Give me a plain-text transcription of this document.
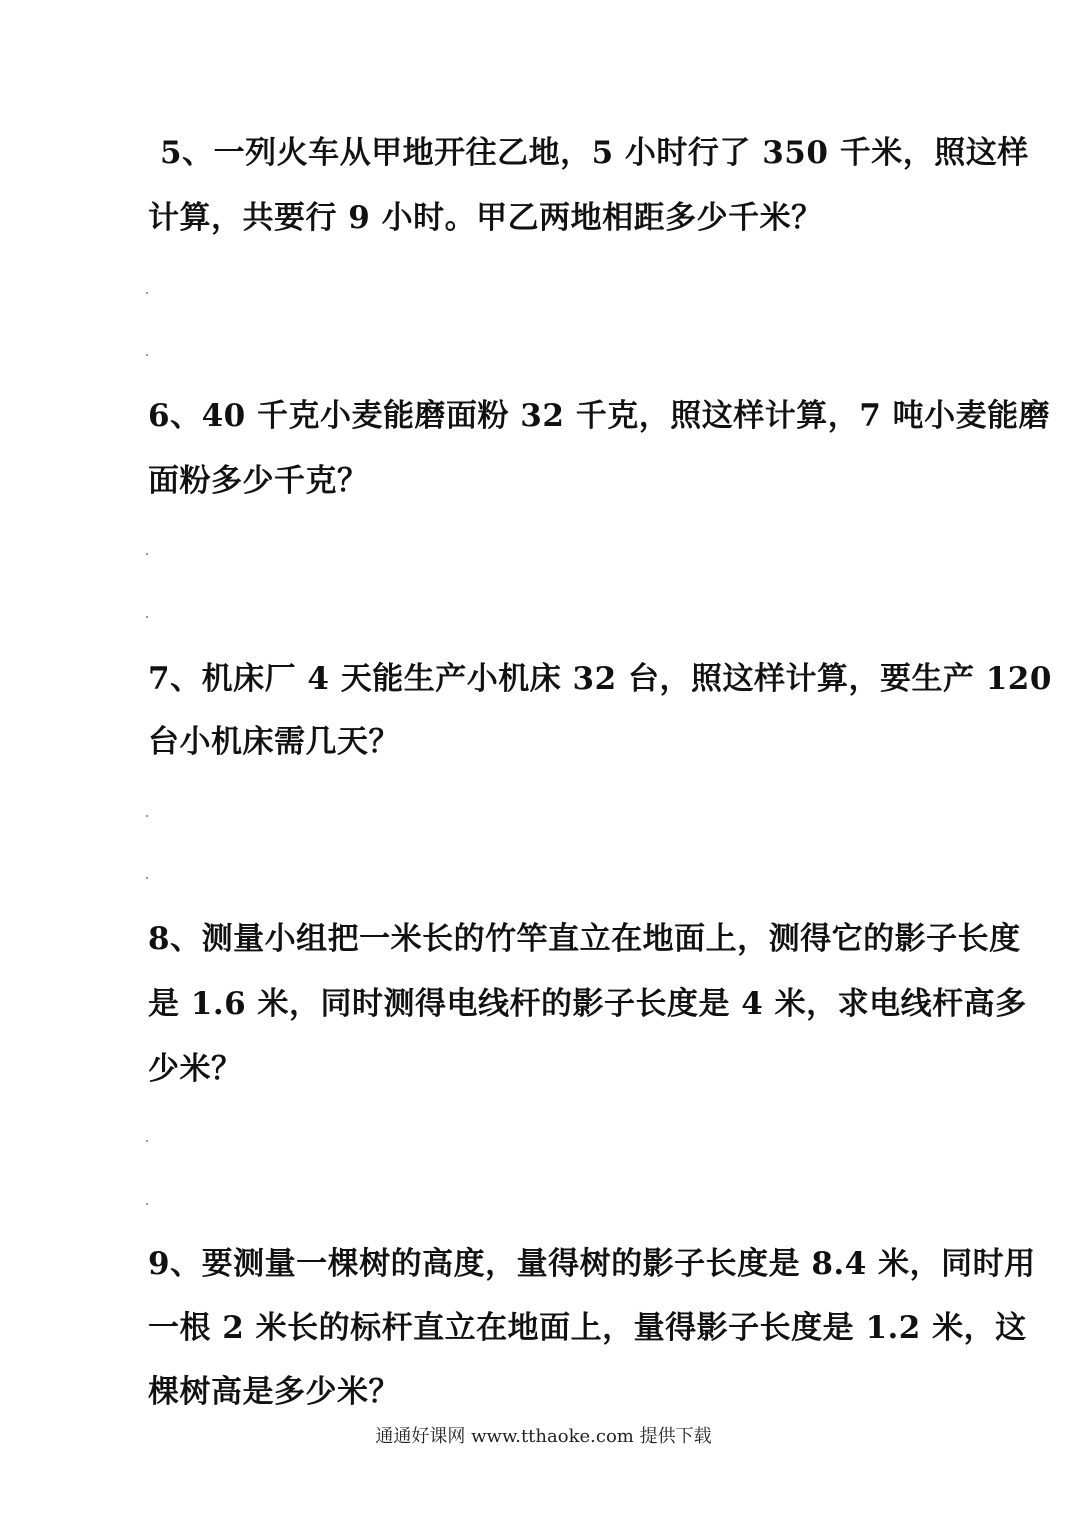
5、一列火车从甲地开往乙地，5 小时行了 350 千米，照这样
计算，共要行 9 小时。甲乙两地相距多少千米？
6、40 千克小麦能磨面粉 32 千克，照这样计算，7 吨小麦能磨
面粉多少千克？
7、机床厂 4 天能生产小机床 32 台，照这样计算，要生产 120
台小机床需几天？
8、测量小组把一米长的竹竿直立在地面上，测得它的影子长度
是 1.6 米，同时测得电线杆的影子长度是 4 米，求电线杆高多
少米？
9、要测量一棵树的高度，量得树的影子长度是 8.4 米，同时用
一根 2 米长的标杆直立在地面上，量得影子长度是 1.2 米，这
棵树高是多少米？
通通好课网 www.tthaoke.com 提供下载
